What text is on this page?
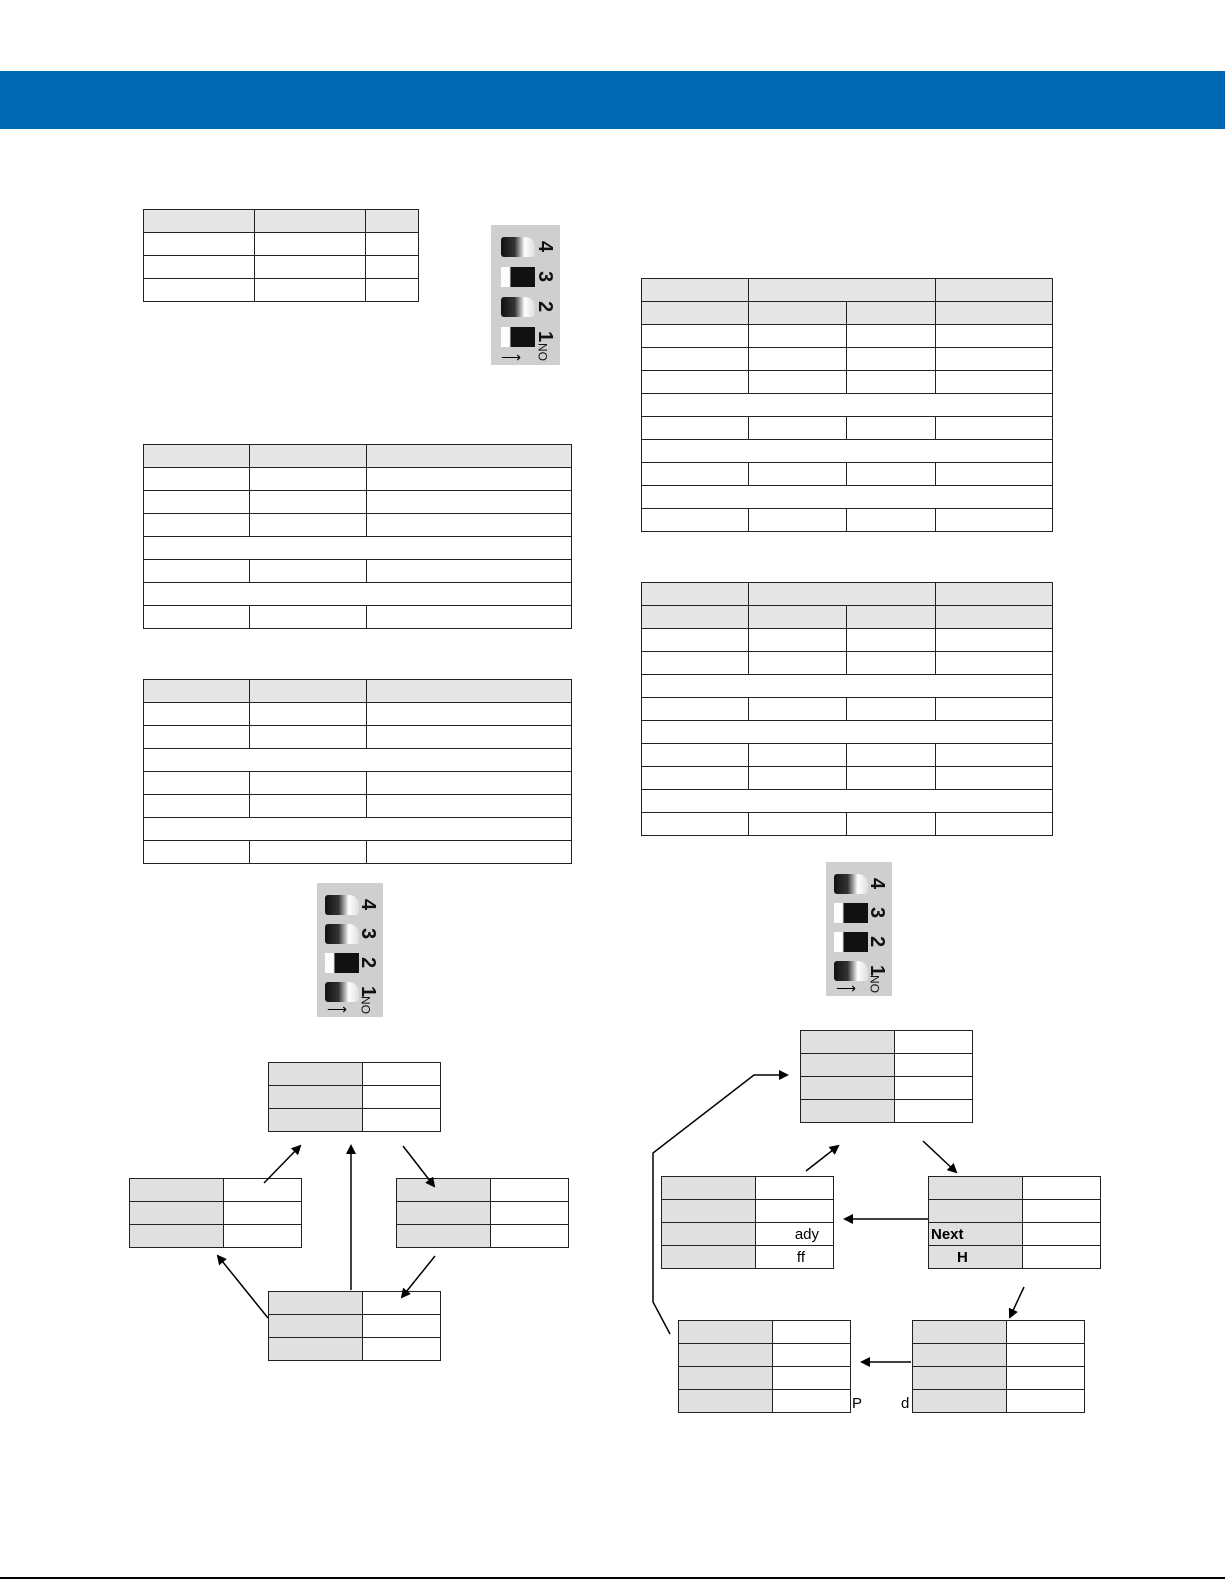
4
3
2
1
ON
⟶

4
3
2
1
ON
⟶

4
3
2
1
ON
⟶

	ady
	ff

Next	
H	

P	d
